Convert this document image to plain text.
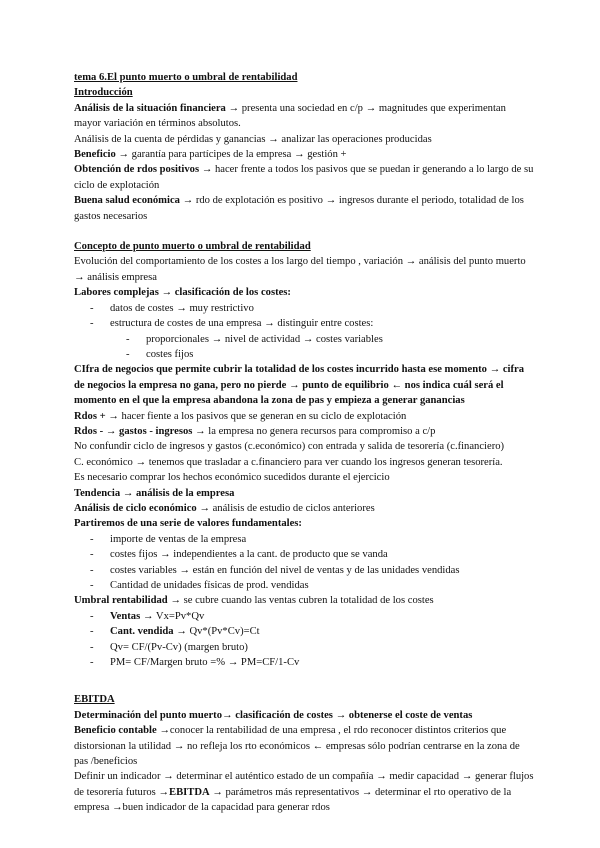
tema 6.El punto muerto o umbral de rentabilidad

Introducción

Análisis de la situación financiera → presenta una sociedad en c/p → magnitudes que experimentan mayor variación en términos absolutos.

Análisis de la cuenta de pérdidas y ganancias → analizar las operaciones producidas

Beneficio → garantía para partícipes de la empresa → gestión +

Obtención de rdos positivos → hacer frente a todos los pasivos que se puedan ir generando a lo largo de su ciclo de explotación

Buena salud económica → rdo de explotación es positivo → ingresos durante el periodo, totalidad de los gastos necesarios

Concepto de punto muerto o umbral de rentabilidad

Evolución del comportamiento de los costes a los largo del tiempo , variación → análisis del punto muerto → análisis empresa

Labores complejas → clasificación de los costes:

- datos de costes → muy restrictivo

- estructura de costes de una empresa → distinguir entre costes:

- proporcionales → nivel de actividad → costes variables

- costes fijos

CIfra de negocios que permite cubrir la totalidad de los costes incurrido hasta ese momento → cifra de negocios la empresa no gana, pero no pierde → punto de equilibrio ← nos indica cuál será el momento en el que la empresa abandona la zona de pas y empieza a generar ganancias

Rdos + → hacer fiente a los pasivos que se generan en su ciclo de explotación

Rdos - → gastos - ingresos → la empresa no genera recursos para compromiso a c/p

No confundir ciclo de ingresos y gastos (c.económico) con entrada y salida de tesorería (c.financiero)

C. económico → tenemos que trasladar a c.financiero para ver cuando los ingresos generan tesorería.

Es necesario comprar los hechos económico sucedidos durante el ejercicio

Tendencia → análisis de la empresa

Análisis de ciclo económico → análisis de estudio de ciclos anteriores

Partiremos de una serie de valores fundamentales:

- importe de ventas de la empresa

- costes fijos → independientes a la cant. de producto que se vanda

- costes variables → están en función del nivel de ventas y de las unidades vendidas

- Cantidad de unidades físicas de prod. vendidas

Umbral rentabilidad → se cubre cuando las ventas cubren la totalidad de los costes

- Ventas → Vx=Pv*Qv

- Cant. vendida → Qv*(Pv*Cv)=Ct

- Qv= CF/(Pv-Cv) (margen bruto)

- PM= CF/Margen bruto =% → PM=CF/1-Cv

EBITDA

Determinación del punto muerto→ clasificación de costes → obtenerse el coste de ventas

Beneficio contable →conocer la rentabilidad de una empresa , el rdo reconocer distintos criterios que distorsionan la utilidad → no refleja los rto económicos ← empresas sólo podrían centrarse en la zona de pas /beneficios

Definir un indicador → determinar el auténtico estado de un compañía → medir capacidad → generar flujos de tesorería futuros →EBITDA → parámetros más representativos → determinar el rto operativo de la empresa →buen indicador de la capacidad para generar rdos
